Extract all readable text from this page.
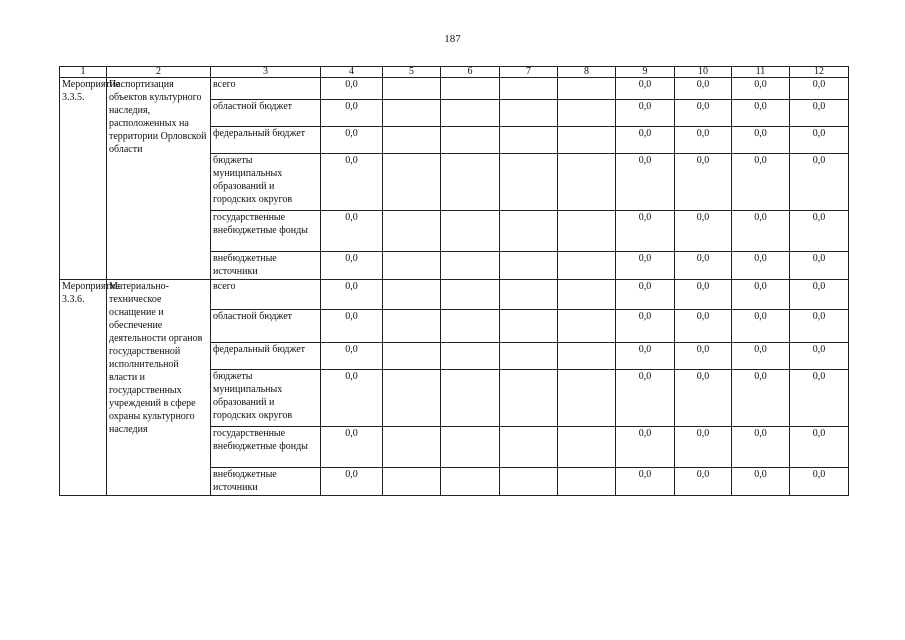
187
1	2	3	4	5	6	7	8	9	10	11	12
Мероприятие 3.3.5.	Паспортизация объектов культурного наследия, расположенных на территории Орловской области	всего	0,0					0,0	0,0	0,0	0,0
		областной бюджет	0,0					0,0	0,0	0,0	0,0
		федеральный бюджет	0,0					0,0	0,0	0,0	0,0
		бюджеты муниципальных образований и городских округов	0,0					0,0	0,0	0,0	0,0
		государственные внебюджетные фонды	0,0					0,0	0,0	0,0	0,0
		внебюджетные источники	0,0					0,0	0,0	0,0	0,0
Мероприятие 3.3.6.	Материально-техническое оснащение и обеспечение деятельности органов государственной исполнительной власти и государственных учреждений в сфере охраны культурного наследия	всего	0,0					0,0	0,0	0,0	0,0
		областной бюджет	0,0					0,0	0,0	0,0	0,0
		федеральный бюджет	0,0					0,0	0,0	0,0	0,0
		бюджеты муниципальных образований и городских округов	0,0					0,0	0,0	0,0	0,0
		государственные внебюджетные фонды	0,0					0,0	0,0	0,0	0,0
		внебюджетные источники	0,0					0,0	0,0	0,0	0,0
